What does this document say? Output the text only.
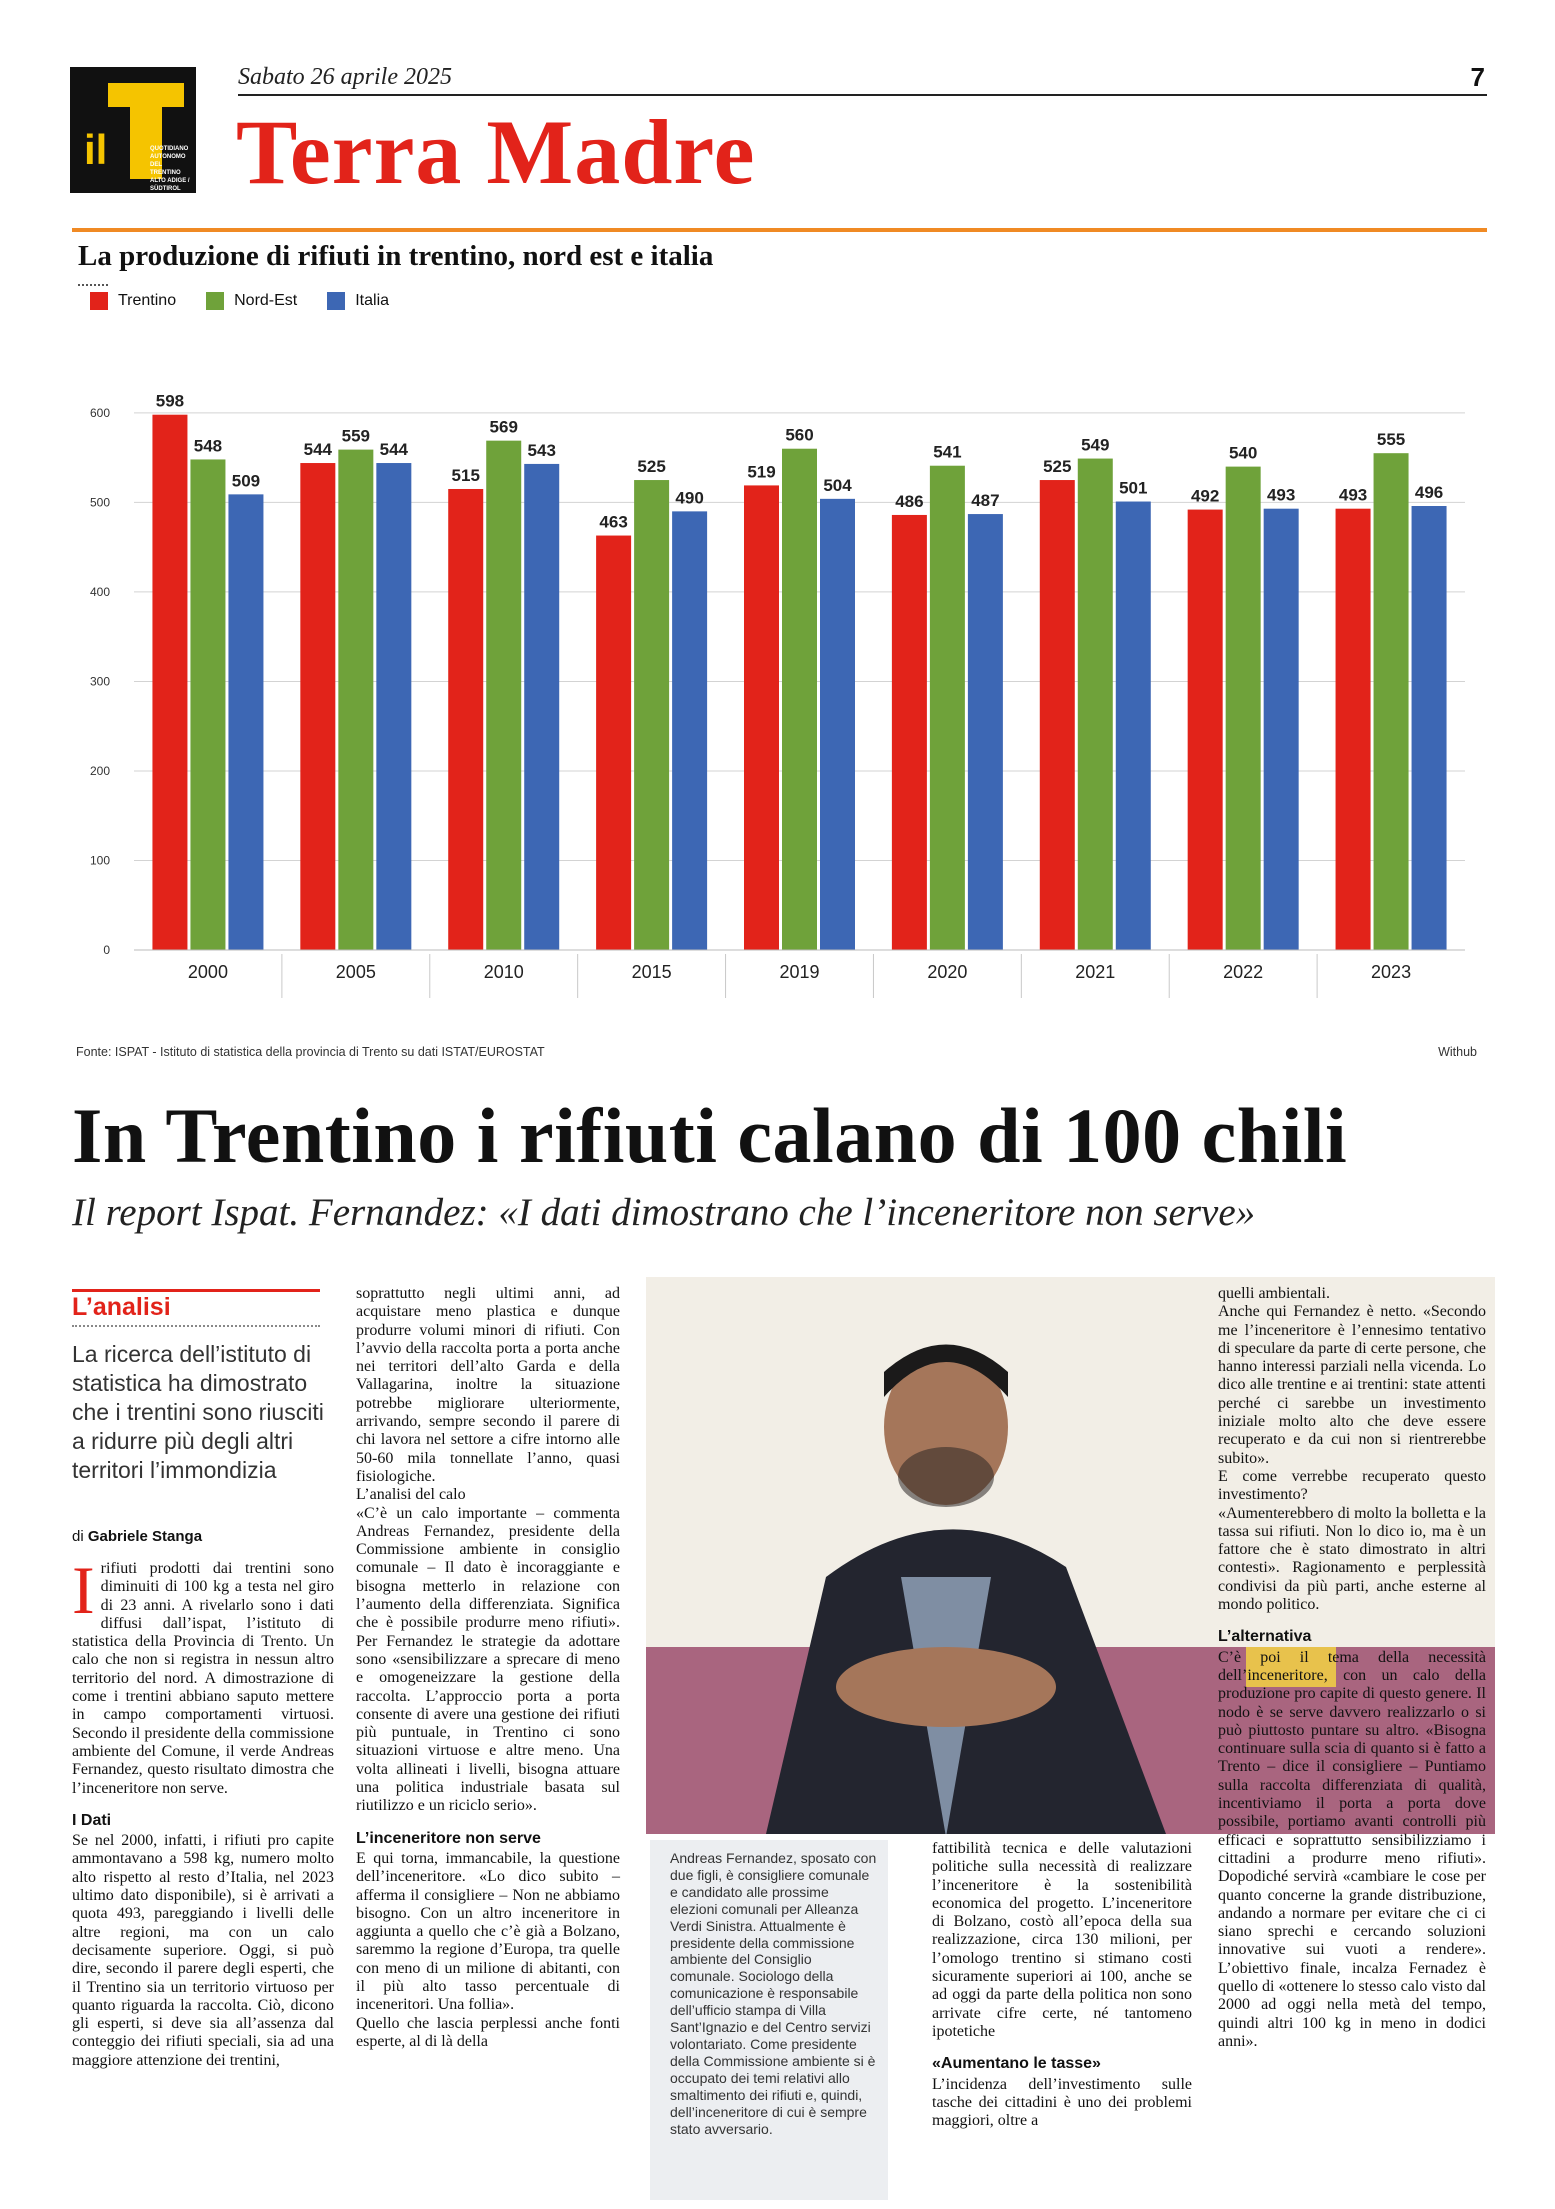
il	QUOTIDIANO AUTONOMO DEL TRENTINO ALTO ADIGE / SÜDTIROL
Sabato 26 aprile 2025	7
Terra Madre
La produzione di rifiuti in trentino, nord est e italia
Trentino	Nord-Est	Italia
0
100
200
300
400
500
600
598
548
509
2000
544
559
544
2005
515
569
543
2010
463
525
490
2015
519
560
504
2019
486
541
487
2020
525
549
501
2021
492
540
493
2022
493
555
496
2023
Fonte: ISPAT - Istituto di statistica della provincia di Trento su dati ISTAT/EUROSTAT	Withub
In Trentino i rifiuti calano di 100 chili
Il report Ispat. Fernandez: «I dati dimostrano che l’inceneritore non serve»
L’analisi
La ricerca dell’istituto di statistica ha dimostrato che i trentini sono riusciti a ridurre più degli altri territori l’immondizia
di Gabriele Stanga

Irifiuti prodotti dai trentini sono diminuiti di 100 kg a testa nel giro di 23 anni. A rivelarlo sono i dati diffusi dall’ispat, l’istituto di statistica della Provincia di Trento. Un calo che non si registra in nessun altro territorio del nord. A dimostrazione di come i trentini abbiano saputo mettere in campo comportamenti virtuosi. Secondo il presidente della commissione ambiente del Comune, il verde Andreas Fernandez, questo risultato dimostra che l’inceneritore non serve.

I Dati

Se nel 2000, infatti, i rifiuti pro capite ammontavano a 598 kg, numero molto alto rispetto al resto d’Italia, nel 2023 ultimo dato disponibile), si è arrivati a quota 493, pareggiando i livelli delle altre regioni, ma con un calo decisamente superiore. Oggi, si può dire, secondo il parere degli esperti, che il Trentino sia un territorio virtuoso per quanto riguarda la raccolta. Ciò, dicono gli esperti, si deve sia all’assenza dal conteggio dei rifiuti speciali, sia ad una maggiore attenzione dei trentini,

soprattutto negli ultimi anni, ad acquistare meno plastica e dunque produrre volumi minori di rifiuti. Con l’avvio della raccolta porta a porta anche nei territori dell’alto Garda e della Vallagarina, inoltre la situazione potrebbe migliorare ulteriormente, arrivando, sempre secondo il parere di chi lavora nel settore a cifre intorno alle 50-60 mila tonnellate l’anno, quasi fisiologiche.

L’analisi del calo

«C’è un calo importante – commenta Andreas Fernandez, presidente della Commissione ambiente in consiglio comunale – Il dato è incoraggiante e bisogna metterlo in relazione con l’aumento della differenziata. Significa che è possibile produrre meno rifiuti». Per Fernandez le strategie da adottare sono «sensibilizzare a sprecare di meno e omogeneizzare la gestione della raccolta. L’approccio porta a porta consente di avere una gestione dei rifiuti più puntuale, in Trentino ci sono situazioni virtuose e altre meno. Una volta allineati i livelli, bisogna attuare una politica industriale basata sul riutilizzo e un riciclo serio».

L’inceneritore non serve

E qui torna, immancabile, la questione dell’inceneritore. «Lo dico subito – afferma il consigliere – Non ne abbiamo bisogno. Con un altro inceneritore in aggiunta a quello che c’è già a Bolzano, saremmo la regione d’Europa, tra quelle con meno di un milione di abitanti, con il più alto tasso percentuale di inceneritori. Una follia».

Quello che lascia perplessi anche fonti esperte, al di là della

Andreas Fernandez, sposato con due figli, è consigliere comunale e candidato alle prossime elezioni comunali per Alleanza Verdi Sinistra. Attualmente è presidente della commissione ambiente del Consiglio comunale. Sociologo della comunicazione è responsabile dell’ufficio stampa di Villa Sant’Ignazio e del Centro servizi volontariato. Come presidente della Commissione ambiente si è occupato dei temi relativi allo smaltimento dei rifiuti e, quindi, dell’inceneritore di cui è sempre stato avversario.

fattibilità tecnica e delle valutazioni politiche sulla necessità di realizzare l’inceneritore è la sostenibilità economica del progetto. L’inceneritore di Bolzano, costò all’epoca della sua realizzazione, circa 130 milioni, per l’omologo trentino si stimano costi sicuramente superiori ai 100, anche se ad oggi da parte della politica non sono arrivate cifre certe, né tantomeno ipotetiche

«Aumentano le tasse»

L’incidenza dell’investimento sulle tasche dei cittadini è uno dei problemi maggiori, oltre a

quelli ambientali.

Anche qui Fernandez è netto. «Secondo me l’inceneritore è l’ennesimo tentativo di speculare da parte di certe persone, che hanno interessi parziali nella vicenda. Lo dico alle trentine e ai trentini: state attenti perché ci sarebbe un investimento iniziale molto alto che deve essere recuperato e da cui non si rientrerebbe subito».

E come verrebbe recuperato questo investimento?

«Aumenterebbero di molto la bolletta e la tassa sui rifiuti. Non lo dico io, ma è un fattore che è stato dimostrato in altri contesti». Ragionamento e perplessità condivisi da più parti, anche esterne al mondo politico.

L’alternativa

C’è poi il tema della necessità dell’inceneritore, con un calo della produzione pro capite di questo genere. Il nodo è se serve davvero realizzarlo o si può piuttosto puntare su altro. «Bisogna continuare sulla scia di quanto si è fatto a Trento – dice il consigliere – Puntiamo sulla raccolta differenziata di qualità, incentiviamo il porta a porta dove possibile, portiamo avanti controlli più efficaci e soprattutto sensibilizziamo i cittadini a produrre meno rifiuti». Dopodiché servirà «cambiare le cose per quanto concerne la grande distribuzione, andando a normare per evitare che ci ci siano sprechi e cercando soluzioni innovative sui vuoti a rendere». L’obiettivo finale, incalza Fernadez è quello di «ottenere lo stesso calo visto dal 2000 ad oggi nella metà del tempo, quindi altri 100 kg in meno in dodici anni».
